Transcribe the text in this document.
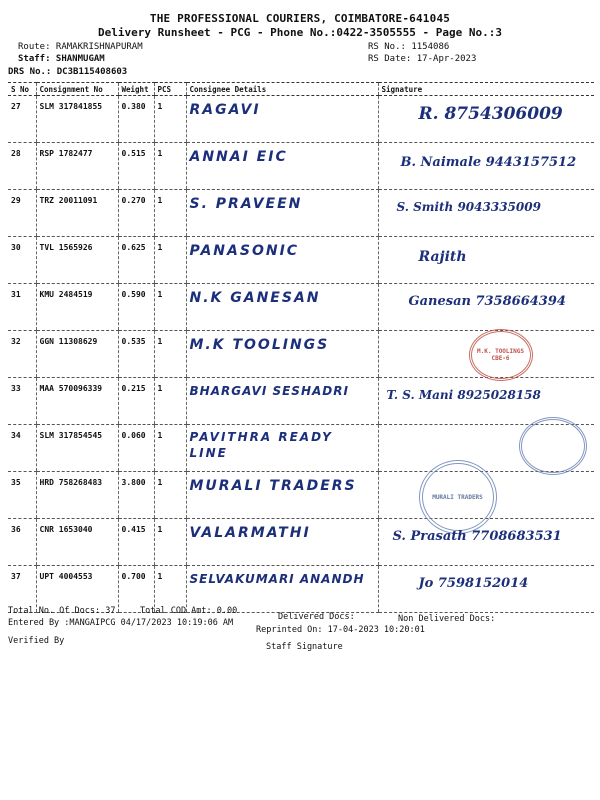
THE PROFESSIONAL COURIERS, COIMBATORE-641045
Delivery Runsheet - PCG - Phone No.:0422-3505555 - Page No.:3
Route: RAMAKRISHNAPURAM
Staff: SHANMUGAM
DRS No.: DC3B115408603
RS No.: 1154086
RS Date: 17-Apr-2023
S No	Consignment No	Weight	PCS	Consignee Details	Signature
27	SLM 317841855	0.380	1	RAGAVI	R. 8754306009

28	RSP 1782477	0.515	1	ANNAI EIC	B. Naimale 9443157512

29	TRZ 20011091	0.270	1	S. PRAVEEN	S. Smith 9043335009

30	TVL 1565926	0.625	1	PANASONIC	Rajith

31	KMU 2484519	0.590	1	N.K GANESAN	Ganesan 7358664394

32	GGN 11308629	0.535	1	M.K TOOLINGS	M.K. TOOLINGS CBE-6

33	MAA 570096339	0.215	1	BHARGAVI SESHADRI	T. S. Mani 8925028158

34	SLM 317854545	0.060	1	PAVITHRA READY LINE	

35	HRD 758268483	3.800	1	MURALI TRADERS	MURALI TRADERS

36	CNR 1653040	0.415	1	VALARMATHI	S. Prasath 7708683531

37	UPT 4004553	0.700	1	SELVAKUMARI ANANDH	Jo 7598152014
Total No. Of Docs: 37	Total COD Amt: 0.00
Delivered Docs:	Non Delivered Docs:
Entered By :MANGAIPCG 04/17/2023 10:19:06 AM
Reprinted On: 17-04-2023 10:20:01
Verified By
Staff Signature
